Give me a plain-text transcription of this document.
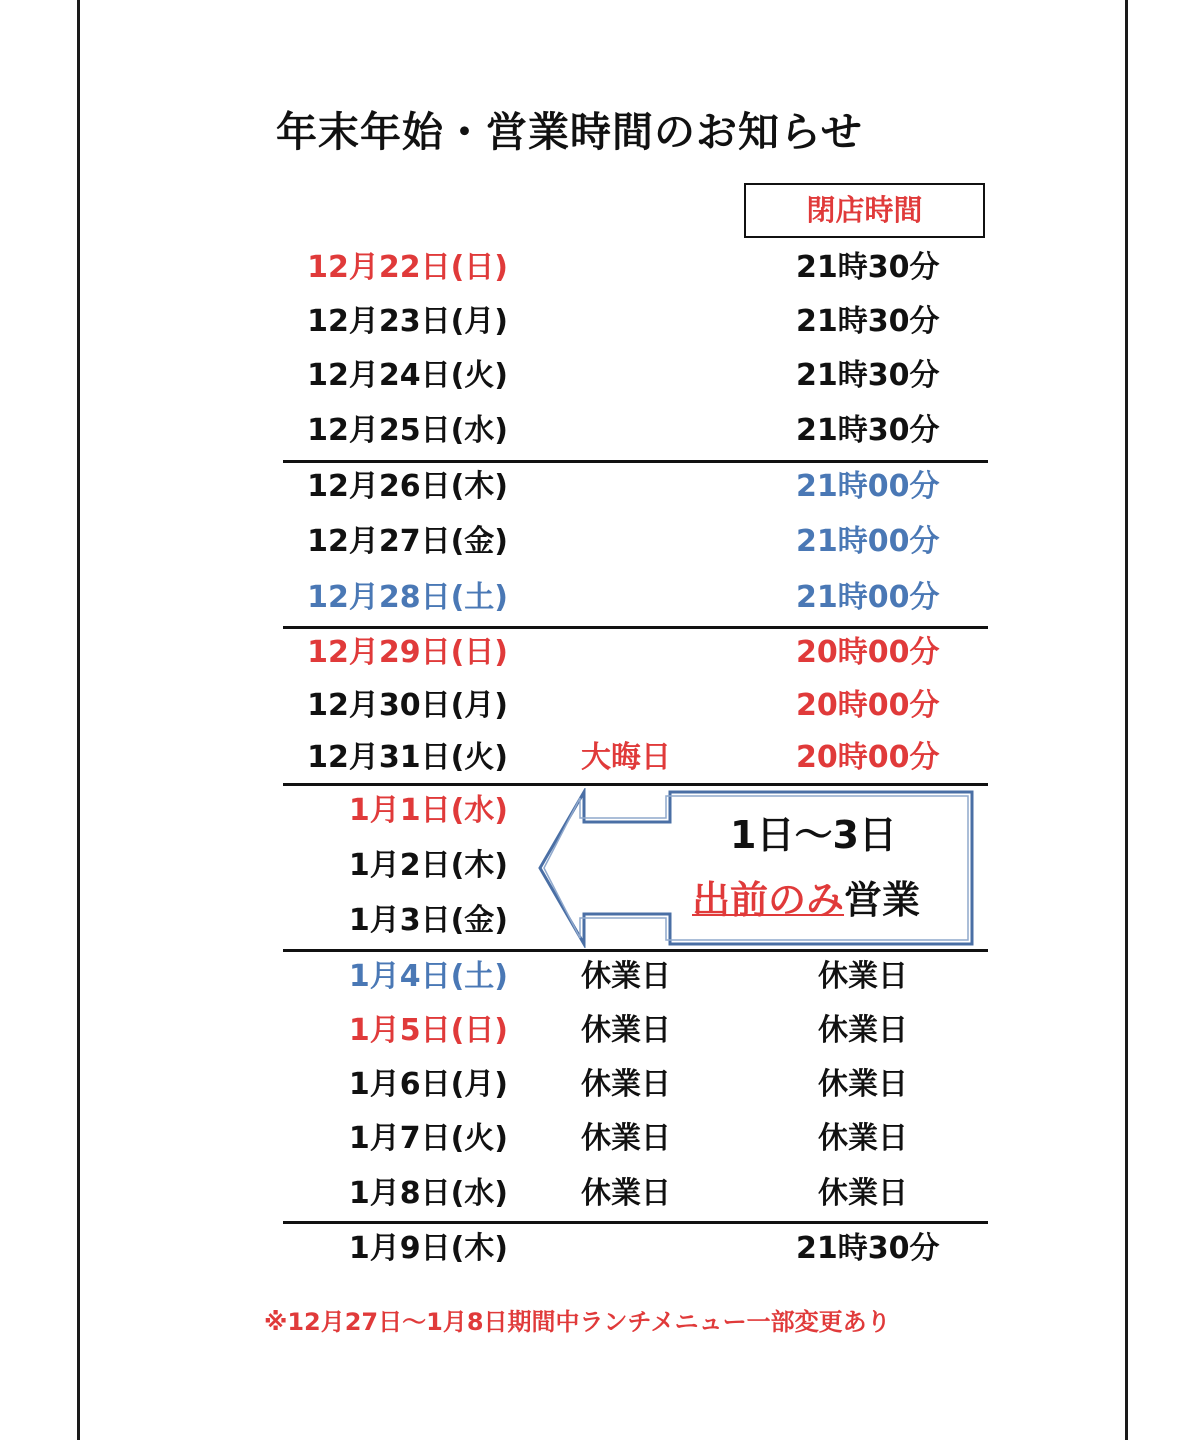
年末年始・営業時間のお知らせ
閉店時間
12月22日(日)	21時30分
12月23日(月)	21時30分
12月24日(火)	21時30分
12月25日(水)	21時30分
12月26日(木)	21時00分
12月27日(金)	21時00分
12月28日(土)	21時00分
12月29日(日)	20時00分
12月30日(月)	20時00分
12月31日(火) 大晦日	20時00分
1月1日(水)
1月2日(木)
1月3日(金)
1月4日(土) 休業日	休業日
1月5日(日) 休業日	休業日
1月6日(月) 休業日	休業日
1月7日(火) 休業日	休業日
1月8日(水) 休業日	休業日
1月9日(木)	21時30分
1日～3日
出前のみ営業
※12月27日～1月8日期間中ランチメニュー一部変更あり
